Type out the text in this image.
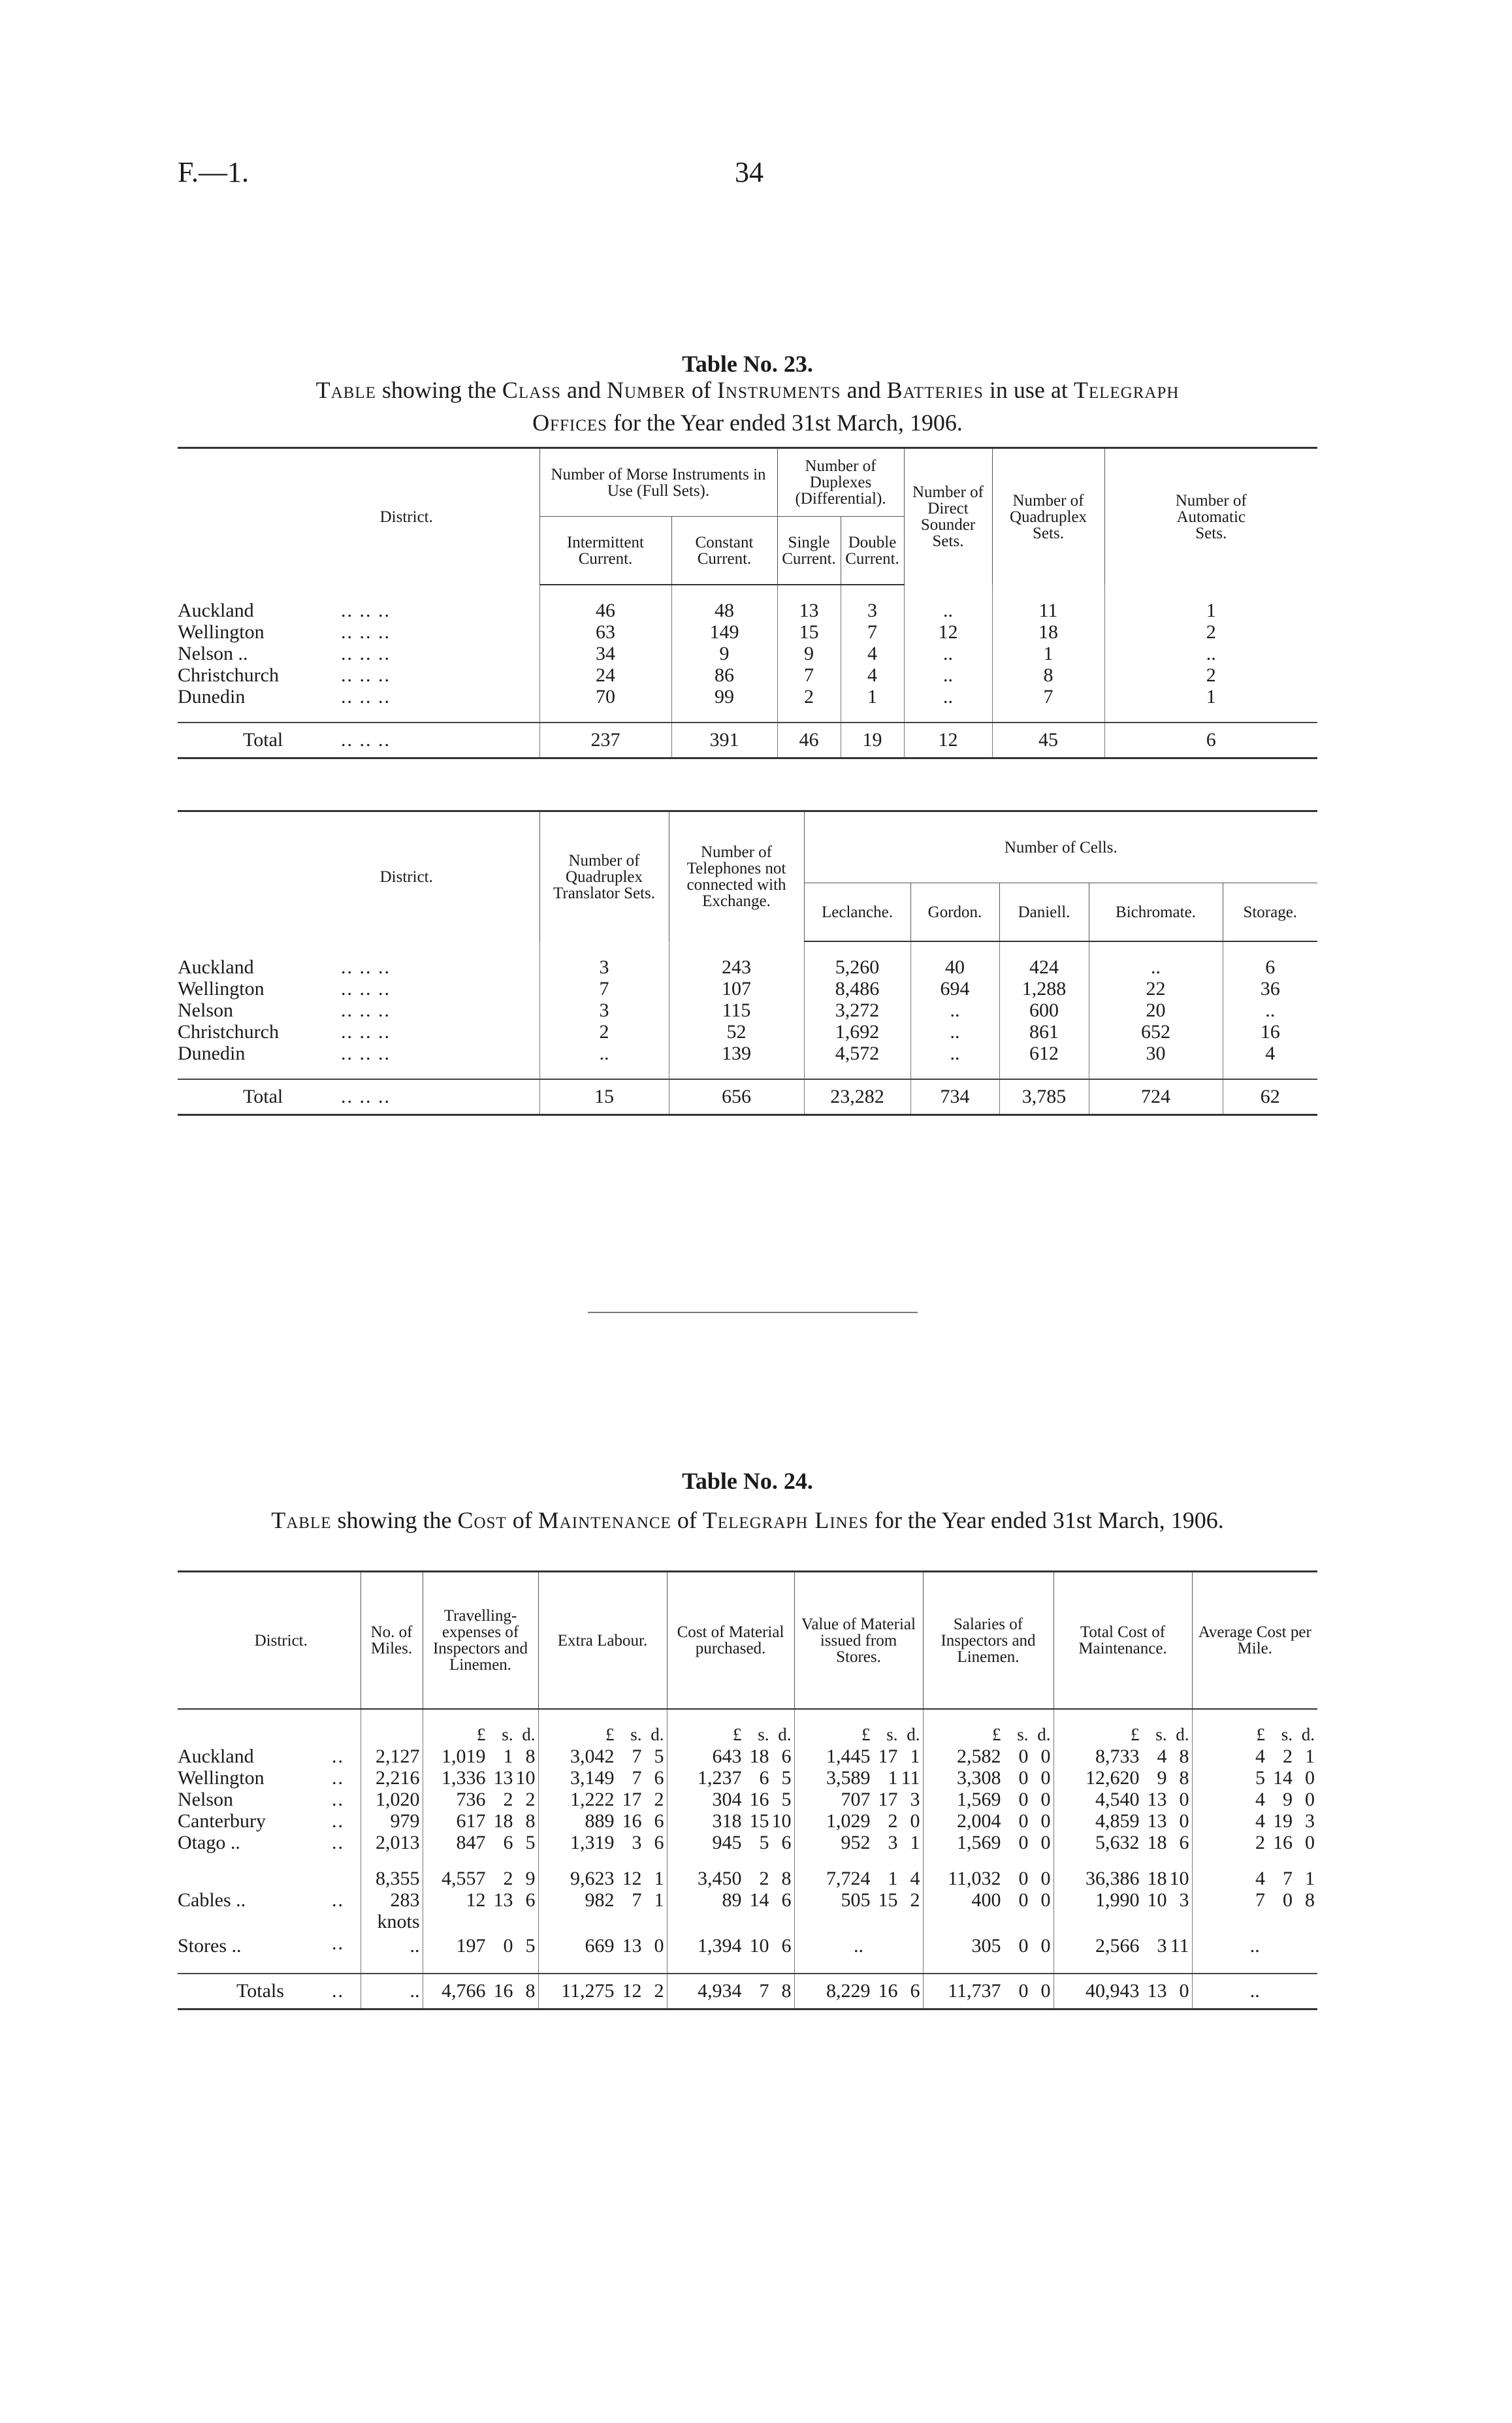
F.—1.	34
Table No. 23.
Table showing the Class and Number of Instruments and Batteries in use at Telegraph
Offices for the Year ended 31st March, 1906.
District.	Number of Morse Instruments in Use (Full Sets).		Number of Duplexes (Differential).		Number of Direct Sounder Sets.	Number of Quadruplex Sets.	Number of Automatic Sets.
	Intermittent Current.	Constant Current.	Single Current.	Double Current.			

Auckland .. .. ..	46	48	13	3	..	11	1
Wellington .. .. ..	63	149	15	7	12	18	2
Nelson .. .. .. ..	34	9	9	4	..	1	..
Christchurch .. .. ..	24	86	7	4	..	8	2
Dunedin .. .. ..	70	99	2	1	..	7	1

Total .. .. ..	237	391	46	19	12	45	6
District.	Number of Quadruplex Translator Sets.	Number of Telephones not connected with Exchange.	Number of Cells.				
			Leclanche.	Gordon.	Daniell.	Bichromate.	Storage.

Auckland .. .. ..	3	243	5,260	40	424	..	6
Wellington .. .. ..	7	107	8,486	694	1,288	22	36
Nelson .. .. ..	3	115	3,272	..	600	20	..
Christchurch .. .. ..	2	52	1,692	..	861	652	16
Dunedin .. .. ..	..	139	4,572	..	612	30	4

Total .. .. ..	15	656	23,282	734	3,785	724	62
Table No. 24.
Table showing the Cost of Maintenance of Telegraph Lines for the Year ended 31st March, 1906.
District.	No. of Miles.	Travelling-expenses of Inspectors and Linemen.	Extra Labour.	Cost of Material purchased.	Value of Material issued from Stores.	Salaries of Inspectors and Linemen.	Total Cost of Maintenance.	Average Cost per Mile.

		£ s. d.	£ s. d.	£ s. d.	£ s. d.	£ s. d.	£ s. d.	£ s. d.

Auckland ..	2,127	1,019 1 8	3,042 7 5	643 18 6	1,445 17 1	2,582 0 0	8,733 4 8	4 2 1

Wellington ..	2,216	1,336 13 10	3,149 7 6	1,237 6 5	3,589 1 11	3,308 0 0	12,620 9 8	5 14 0

Nelson ..	1,020	736 2 2	1,222 17 2	304 16 5	707 17 3	1,569 0 0	4,540 13 0	4 9 0

Canterbury ..	979	617 18 8	889 16 6	318 15 10	1,029 2 0	2,004 0 0	4,859 13 0	4 19 3

Otago .. ..	2,013	847 6 5	1,319 3 6	945 5 6	952 3 1	1,569 0 0	5,632 18 6	2 16 0

	8,355	4,557 2 9	9,623 12 1	3,450 2 8	7,724 1 4	11,032 0 0	36,386 18 10	4 7 1

Cables .. ..	283	12 13 6	982 7 1	89 14 6	505 15 2	400 0 0	1,990 10 3	7 0 8

	knots							
Stores .. ..	..	197 0 5	669 13 0	1,394 10 6	..	305 0 0	2,566 3 11	..

Totals ..	..	4,766 16 8	11,275 12 2	4,934 7 8	8,229 16 6	11,737 0 0	40,943 13 0	..
